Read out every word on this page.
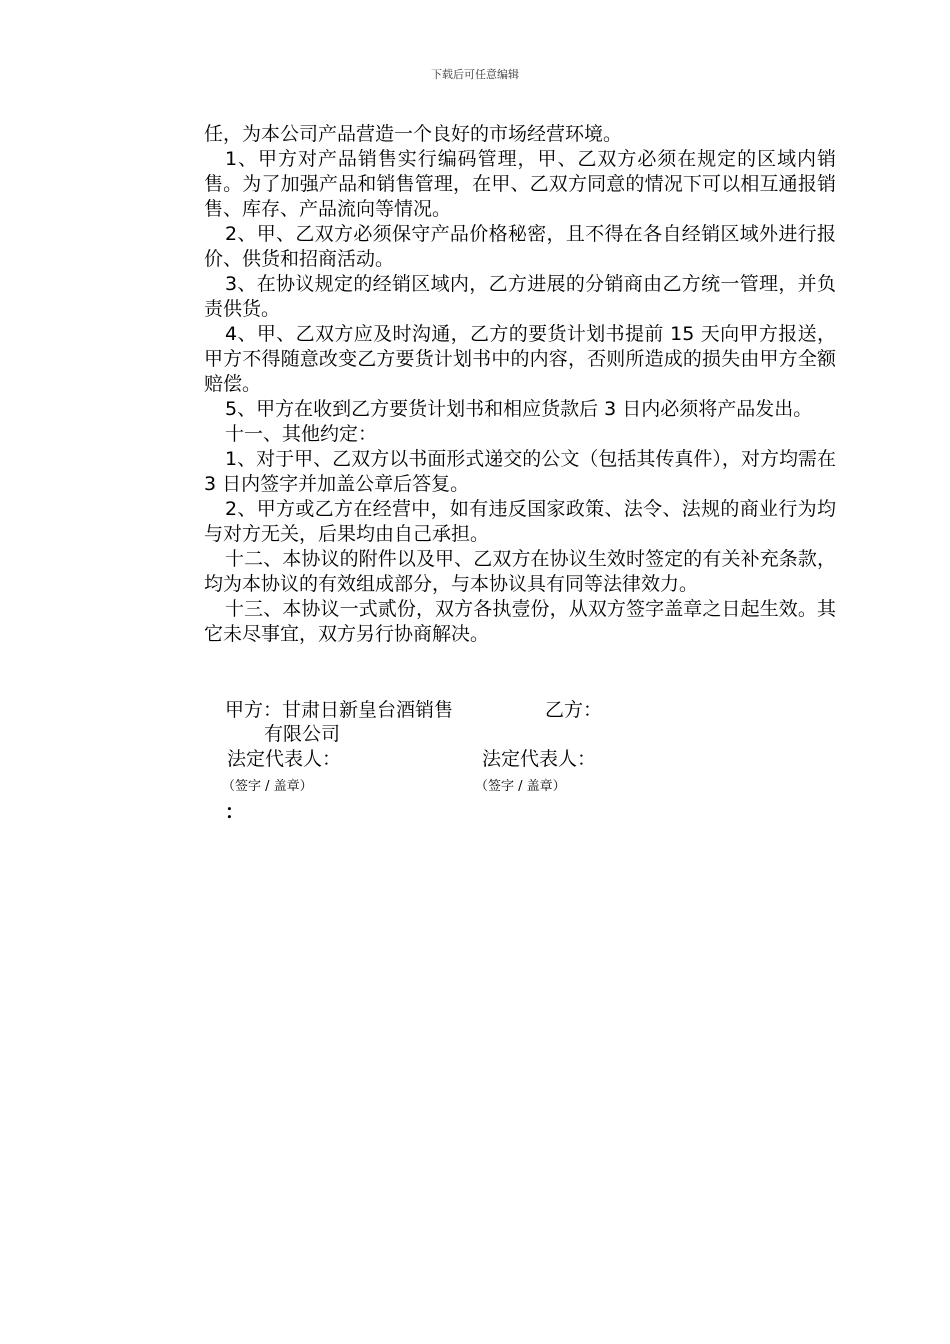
下载后可任意编辑

任，为本公司产品营造一个良好的市场经营环境。

1、甲方对产品销售实行编码管理，甲、乙双方必须在规定的区域内销售。为了加强产品和销售管理，在甲、乙双方同意的情况下可以相互通报销售、库存、产品流向等情况。

2、甲、乙双方必须保守产品价格秘密，且不得在各自经销区域外进行报价、供货和招商活动。

3、在协议规定的经销区域内，乙方进展的分销商由乙方统一管理，并负责供货。

4、甲、乙双方应及时沟通，乙方的要货计划书提前 15 天向甲方报送，甲方不得随意改变乙方要货计划书中的内容，否则所造成的损失由甲方全额赔偿。

5、甲方在收到乙方要货计划书和相应货款后 3 日内必须将产品发出。

十一、其他约定：

1、对于甲、乙双方以书面形式递交的公文（包括其传真件），对方均需在 3 日内签字并加盖公章后答复。

2、甲方或乙方在经营中，如有违反国家政策、法令、法规的商业行为均与对方无关，后果均由自己承担。

十二、本协议的附件以及甲、乙双方在协议生效时签定的有关补充条款，均为本协议的有效组成部分，与本协议具有同等法律效力。

十三、本协议一式贰份，双方各执壹份，从双方签字盖章之日起生效。其它未尽事宜，双方另行协商解决。

甲方：甘肃日新皇台酒销售	乙方：
有限公司
法定代表人：	法定代表人：
（签字 / 盖章）	（签字 / 盖章）
：
